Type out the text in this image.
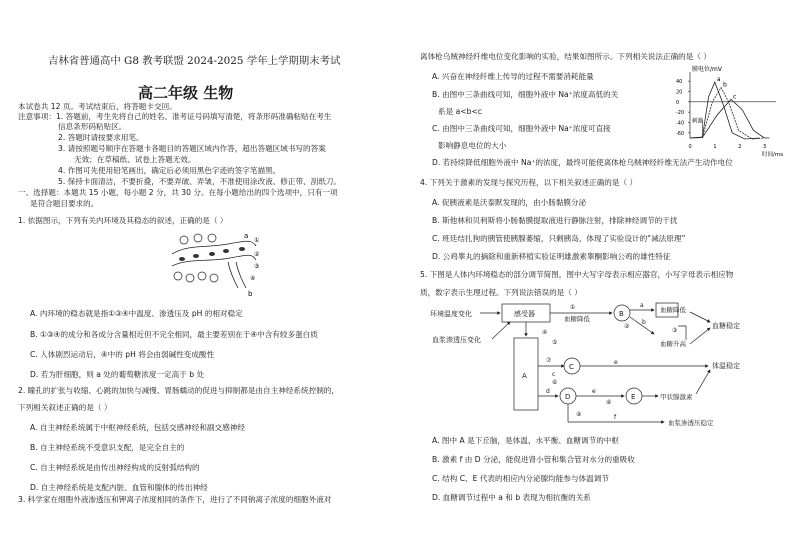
吉林省普通高中 G8 教考联盟 2024-2025 学年上学期期末考试
高二年级 生物

本试卷共 12 页。考试结束后，将答题卡交回。

注意事项：1. 答题前，考生先将自己的姓名、准考证号码填写清楚，将条形码准确粘贴在考生

信息条形码粘贴区。

2. 答题时请按要求用笔。

3. 请按照题号顺序在答题卡各题目的答题区域内作答，超出答题区域书写的答案

无效；在草稿纸、试卷上答题无效。

4. 作图可先使用铅笔画出，确定后必须用黑色字迹的签字笔描黑。

5. 保持卡面清洁，不要折叠，不要弄破、弄皱，不准使用涂改液、修正带、刮纸刀。

一、选择题：本题共 15 小题，每小题 2 分，共 30 分。在每小题给出的四个选项中，只有一项

是符合题目要求的。

1. 依据图示，下列有关内环境及其稳态的叙述，正确的是（ ）

a
b
①
②
③
④

A. 内环境的稳态就是指①③④中温度、渗透压及 pH 的相对稳定

B. ①③④的成分和各成分含量相近但不完全相同，最主要差别在于④中含有较多蛋白质

C. 人体剧烈运动后，④中的 pH 将会由弱碱性变成酸性

D. 若为肝细胞，则 a 处的葡萄糖浓度一定高于 b 处

2. 瞳孔的扩张与收缩、心跳的加快与减慢、胃肠蠕动的促进与抑制都是由自主神经系统控制的，

下列相关叙述正确的是（ ）

A. 自主神经系统属于中枢神经系统，包括交感神经和副交感神经

B. 自主神经系统不受意识支配，是完全自主的

C. 自主神经系统是由传出神经构成的反射弧结构的

D. 自主神经系统是支配内脏、血管和腺体的传出神经

3. 科学家在细胞外液渗透压和钾离子浓度相同的条件下，进行了不同钠离子浓度的细胞外液对

离体枪乌贼神经纤维电位变化影响的实验，结果如图所示。下列相关说法正确的是（ ）

A. 兴奋在神经纤维上传导的过程不需要消耗能量

B. 由图中三条曲线可知，细胞外液中 Na⁺浓度高低的关

系是 a<b<c

C. 由图中三条曲线可知，细胞外液中 Na⁺浓度可直接

影响静息电位的大小

膜电位/mV
时间/ms
40
20
0
-20
-40
-60
0	1	2	3
刺激
a
b
c

D. 若持续降低细胞外液中 Na⁺的浓度，最终可能使离体枪乌贼神经纤维无法产生动作电位

4. 下列关于激素的发现与探究历程，以下相关叙述正确的是（ ）

A. 促胰液素是沃泰默发现的，由小肠黏膜分泌

B. 斯他林和贝利斯将小肠黏膜提取液进行静脉注射，排除神经调节的干扰

C. 班廷结扎狗的胰管使胰腺萎缩，只剩胰岛，体现了实验设计的“减法原理”

D. 公鸡睾丸的摘除和重新移植实验证明雄激素睾酮影响公鸡的雄性特征

5. 下图是人体内环境稳态的部分调节简图，图中大写字母表示相应器官，小写字母表示相应物

质，数字表示生理过程。下列说法错误的是（ ）

环境温度变化
血浆渗透压变化
感受器
①
血糖降低
B
a
b
血糖降低
血糖稳定
血糖升高
②
③
A
④
⑦
C
e	体温稳定
d
D
e
E	甲状腺激素
⑧
f
血浆渗透压稳定
⑨
⑤
⑥
c

A. 图中 A 是下丘脑，是体温、水平衡、血糖调节的中枢

B. 激素 f 由 D 分泌，能促进肾小管和集合管对水分的重吸收

C. 结构 C、E 代表的相应内分泌腺均能参与体温调节

D. 血糖调节过程中 a 和 b 表现为相抗衡的关系
